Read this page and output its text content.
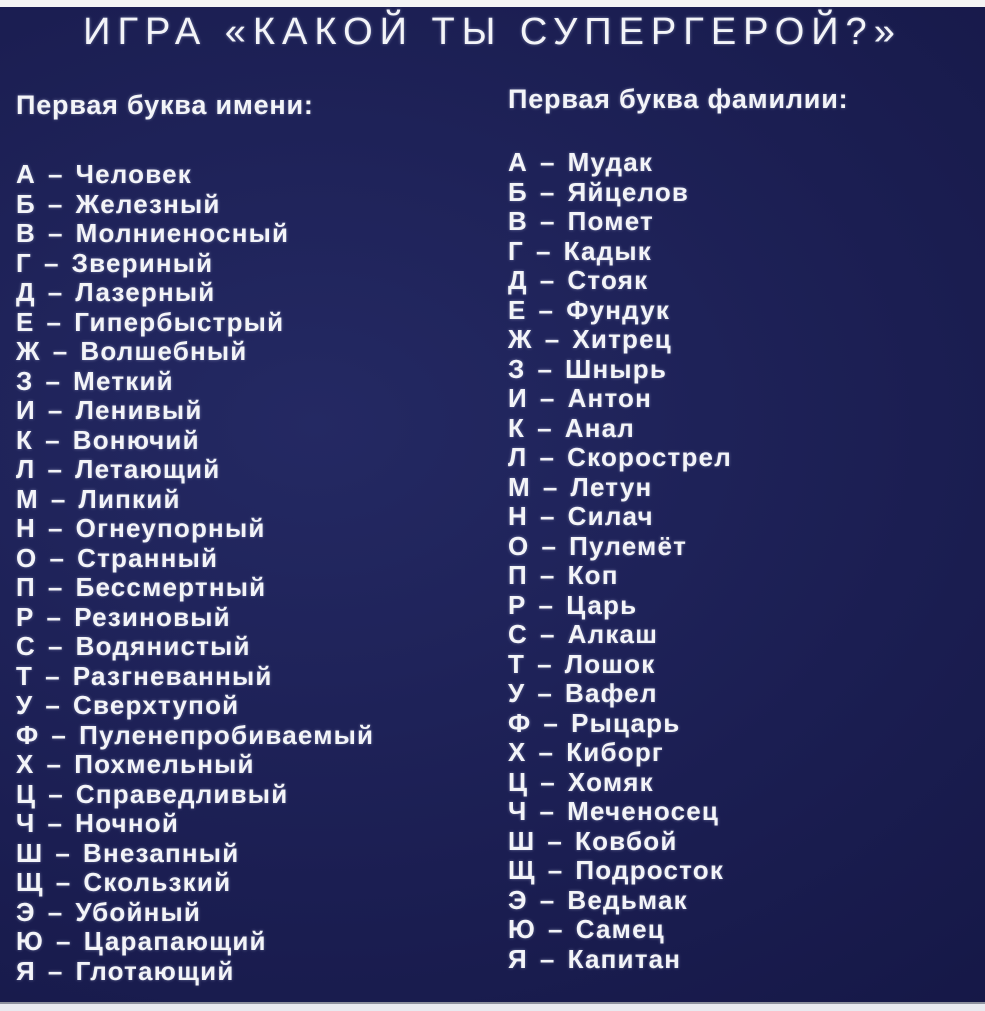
ИГРА «КАКОЙ ТЫ СУПЕРГЕРОЙ?»
Первая буква имени:
А – Человек
Б – Железный
В – Молниеносный
Г – Звериный
Д – Лазерный
Е – Гипербыстрый
Ж – Волшебный
З – Меткий
И – Ленивый
К – Вонючий
Л – Летающий
М – Липкий
Н – Огнеупорный
О – Странный
П – Бессмертный
Р – Резиновый
С – Водянистый
Т – Разгневанный
У – Сверхтупой
Ф – Пуленепробиваемый
Х – Похмельный
Ц – Справедливый
Ч – Ночной
Ш – Внезапный
Щ – Скользкий
Э – Убойный
Ю – Царапающий
Я – Глотающий
Первая буква фамилии:
А – Мудак
Б – Яйцелов
В – Помет
Г – Кадык
Д – Стояк
Е – Фундук
Ж – Хитрец
З – Шнырь
И – Антон
К – Анал
Л – Скорострел
М – Летун
Н – Силач
О – Пулемёт
П – Коп
Р – Царь
С – Алкаш
Т – Лошок
У – Вафел
Ф – Рыцарь
Х – Киборг
Ц – Хомяк
Ч – Меченосец
Ш – Ковбой
Щ – Подросток
Э – Ведьмак
Ю – Самец
Я – Капитан
